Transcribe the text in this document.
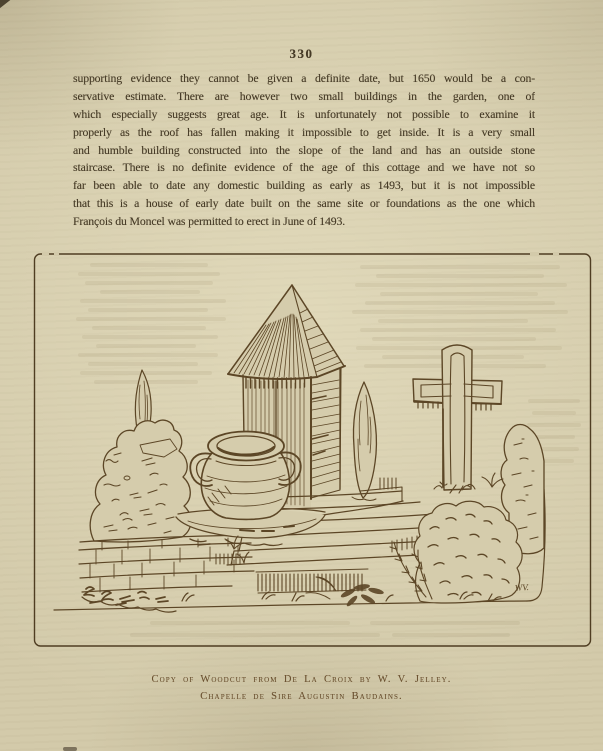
330
supporting evidence they cannot be given a definite date, but 1650 would be a con-
servative estimate. There are however two small buildings in the garden, one of
which especially suggests great age. It is unfortunately not possible to examine it
properly as the roof has fallen making it impossible to get inside. It is a very small
and humble building constructed into the slope of the land and has an outside stone
staircase. There is no definite evidence of the age of this cottage and we have not so
far been able to date any domestic building as early as 1493, but it is not impossible
that this is a house of early date built on the same site or foundations as the one which
François du Moncel was permitted to erect in June of 1493.
WV.
Copy of Woodcut from De La Croix by W. V. Jelley.
Chapelle de Sire Augustin Baudains.
